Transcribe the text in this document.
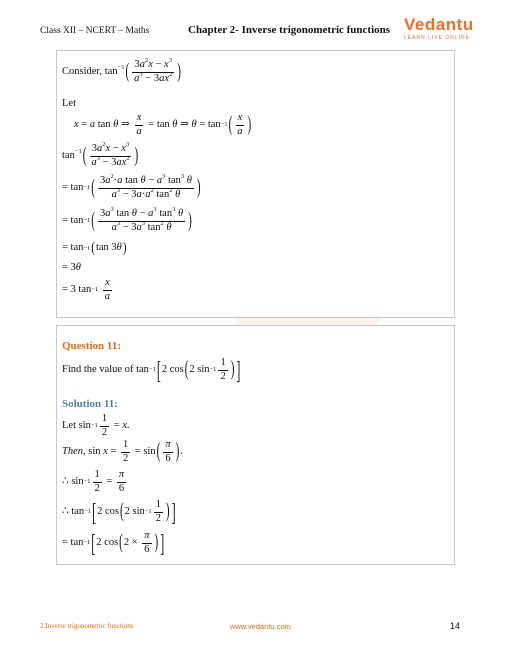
Class XII – NCERT – Maths	Chapter 2- Inverse trigonometric functions Vedantu
LEARN LIVE ONLINE
Consider,
$\tan^{-1}$ ( $\frac{3a^2x - x^3}{a^3 - 3ax^2}$ )
Let
x = a tan θ ⇒ $\frac{x}{a} = \tan \theta$ ⇒ θ = tan −1 ( $\frac{x}{a}$ )
$\tan^{-1}$ ( $\frac{3a^2x - x^3}{a^3 - 3ax^2}$ )
= tan −1 ( $\frac{3a^2\cdot a \tan \theta - a^3 \tan^3 \theta}{a^3 - 3a\cdot a^2 \tan^2 \theta}$ )
= tan −1 ( $\frac{3a^3 \tan \theta - a^3 \tan^3 \theta}{a^3 - 3a^3 \tan^2 \theta}$ )
= tan −1 ( tan 3 θ )
= 3θ
= 3 tan −1
$\frac{x}{a}$
Question 11:
Find the value of tan −1 [ 2 cos ( 2 $\sin -1 \frac{1}{2}$ ) ]
Solution 11:
Let $\sin -1 \frac{1}{2} = x$ .
Then, $\sin x = \frac{1}{2} = \sin$ ( $\frac{\pi}{6}$ ) .
∴ $\sin -1 \frac{1}{2} = \frac{\pi}{6}$
∴ tan −1 [ 2 cos ( 2 $\sin -1 \frac{1}{2}$ ) ]
= tan −1 [ 2 cos ( $2 \times \frac{\pi}{6}$ ) ]
2.Inverse trigonometric functions	www.vedantu.com	14
